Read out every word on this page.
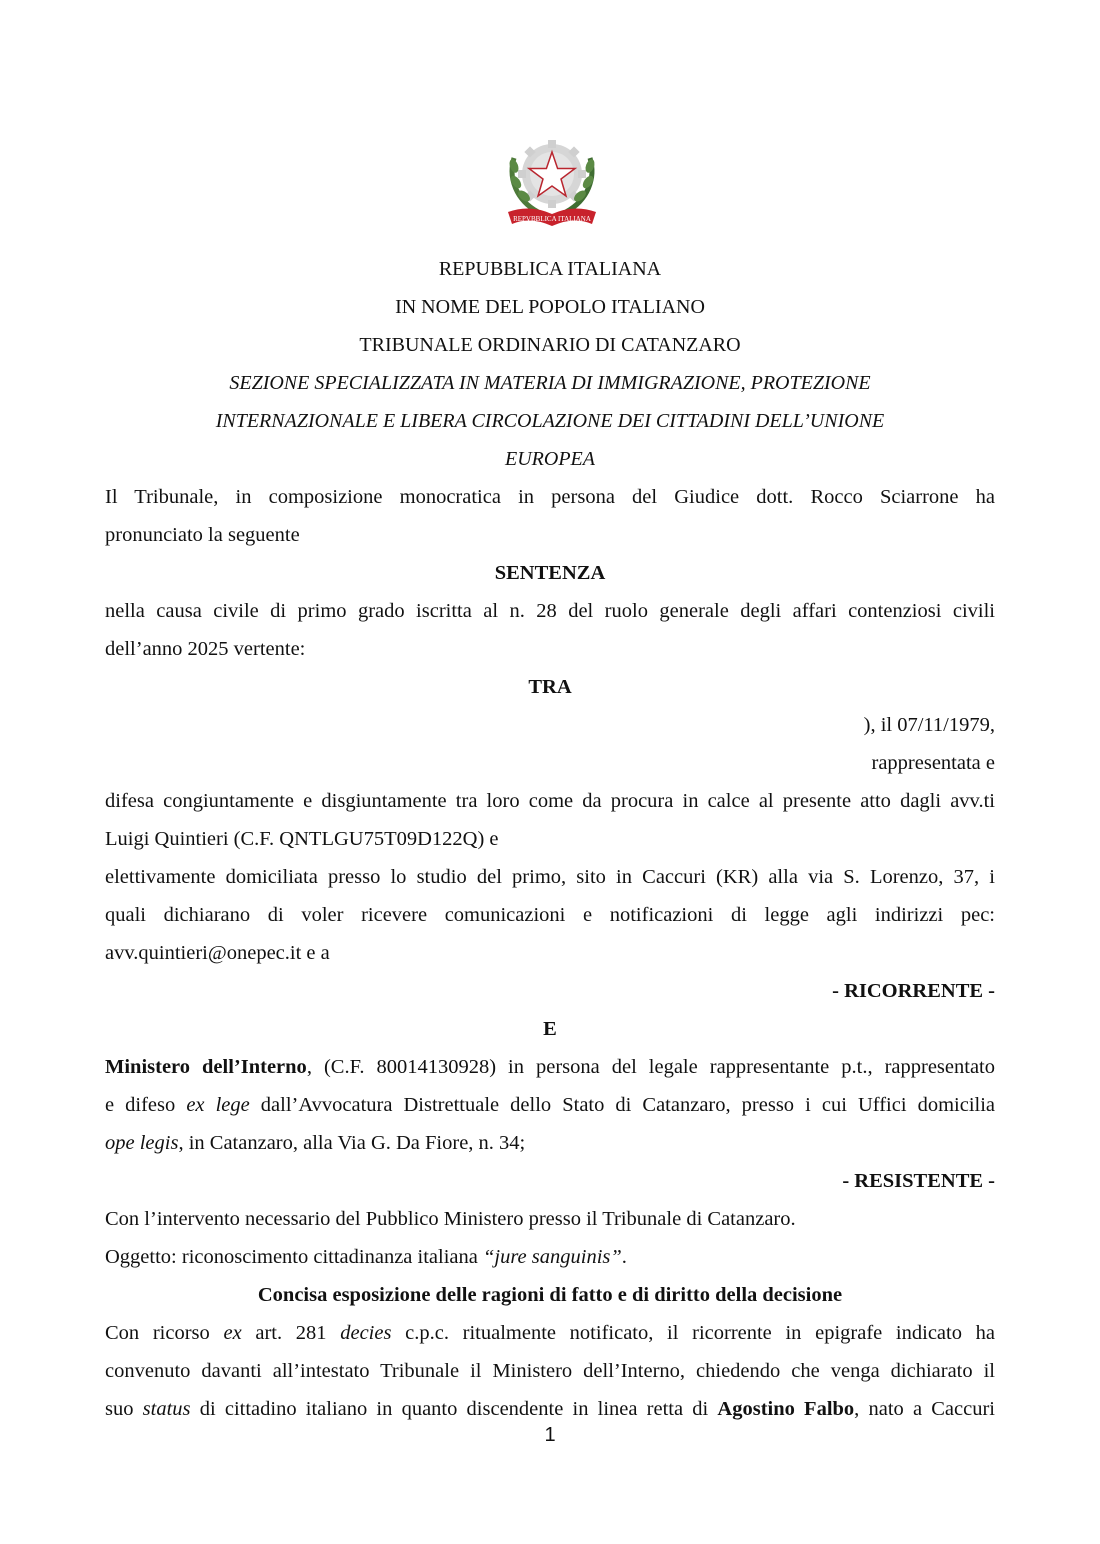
REPVBBLICA ITALIANA
REPUBBLICA ITALIANA
IN NOME DEL POPOLO ITALIANO
TRIBUNALE ORDINARIO DI CATANZARO
SEZIONE SPECIALIZZATA IN MATERIA DI IMMIGRAZIONE, PROTEZIONE
INTERNAZIONALE E LIBERA CIRCOLAZIONE DEI CITTADINI DELL’UNIONE
EUROPEA
Il Tribunale, in composizione monocratica in persona del Giudice dott. Rocco Sciarrone ha
pronunciato la seguente
SENTENZA
nella causa civile di primo grado iscritta al n. 28 del ruolo generale degli affari contenziosi civili
dell’anno 2025 vertente:
TRA
), il 07/11/1979,
rappresentata e
difesa congiuntamente e disgiuntamente tra loro come da procura in calce al presente atto dagli avv.ti
Luigi Quintieri (C.F. QNTLGU75T09D122Q) e
elettivamente domiciliata presso lo studio del primo, sito in Caccuri (KR) alla via S. Lorenzo, 37, i
quali dichiarano di voler ricevere comunicazioni e notificazioni di legge agli indirizzi pec:
avv.quintieri@onepec.it e a
- RICORRENTE -
E
Ministero dell’Interno, (C.F. 80014130928) in persona del legale rappresentante p.t., rappresentato
e difeso ex lege dall’Avvocatura Distrettuale dello Stato di Catanzaro, presso i cui Uffici domicilia
ope legis, in Catanzaro, alla Via G. Da Fiore, n. 34;
- RESISTENTE -
Con l’intervento necessario del Pubblico Ministero presso il Tribunale di Catanzaro.
Oggetto: riconoscimento cittadinanza italiana “jure sanguinis”.
Concisa esposizione delle ragioni di fatto e di diritto della decisione
Con ricorso ex art. 281 decies c.p.c. ritualmente notificato, il ricorrente in epigrafe indicato ha
convenuto davanti all’intestato Tribunale il Ministero dell’Interno, chiedendo che venga dichiarato il
suo status di cittadino italiano in quanto discendente in linea retta di Agostino Falbo, nato a Caccuri
1
